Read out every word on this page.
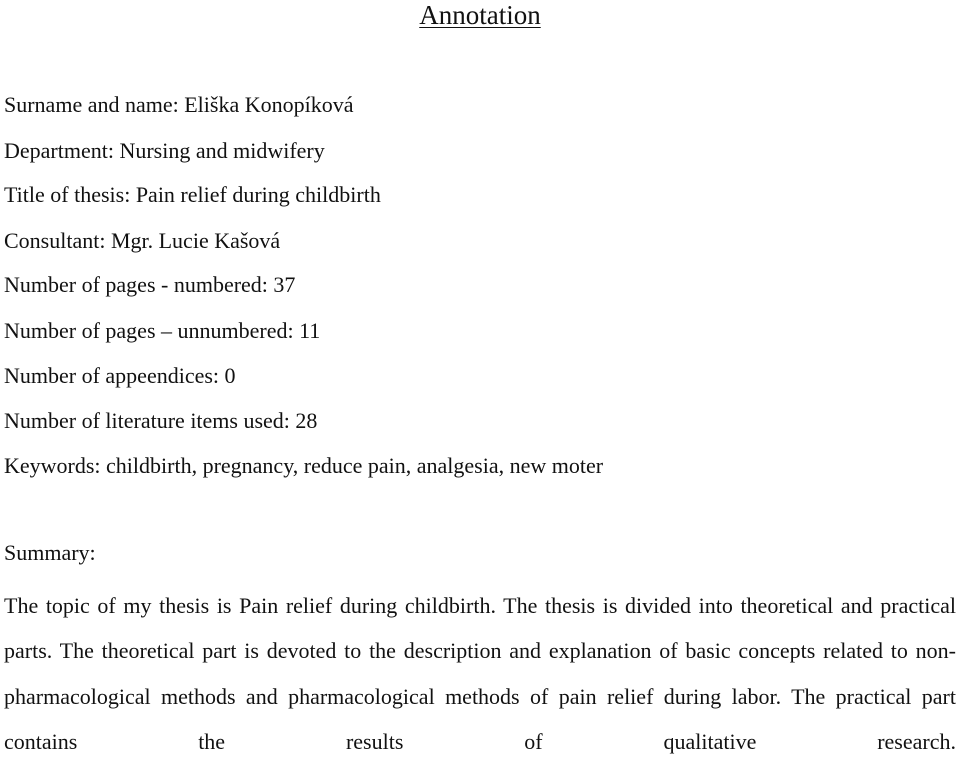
Annotation
Surname and name: Eliška Konopíková
Department: Nursing and midwifery
Title of thesis: Pain relief during childbirth
Consultant: Mgr. Lucie Kašová
Number of pages - numbered: 37
Number of pages – unnumbered: 11
Number of appeendices: 0
Number of literature items used: 28
Keywords: childbirth, pregnancy, reduce pain, analgesia, new moter
Summary:
The topic of my thesis is Pain relief during childbirth. The thesis is divided into theoretical and practical parts. The theoretical part is devoted to the description and explanation of basic concepts related to non-pharmacological methods and pharmacological methods of pain relief during labor. The practical part contains the results of qualitative research.
